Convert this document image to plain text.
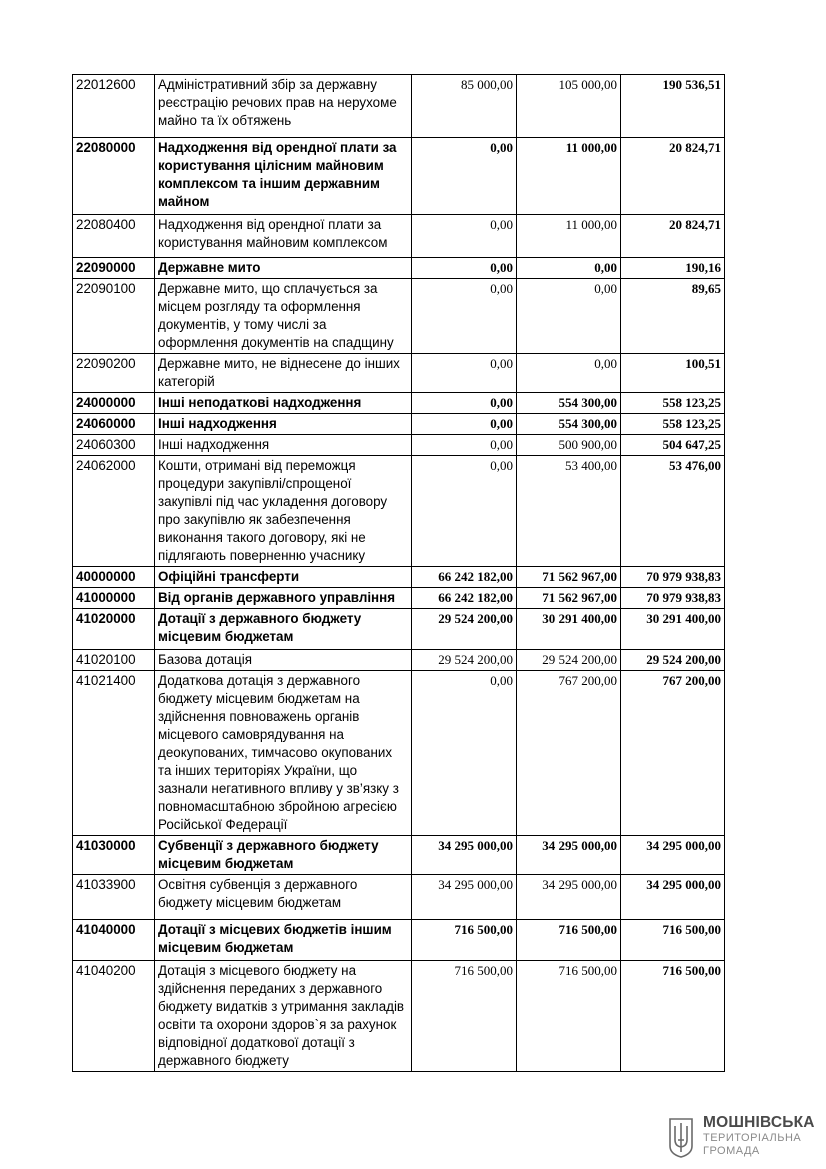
22012600	Адміністративний збір за державну реєстрацію речових прав на нерухоме майно та їх обтяжень	85 000,00	105 000,00	190 536,51
22080000	Надходження від орендної плати за користування цілісним майновим комплексом та іншим державним майном	0,00	11 000,00	20 824,71
22080400	Надходження від орендної плати за користування майновим комплексом	0,00	11 000,00	20 824,71
22090000	Державне мито	0,00	0,00	190,16
22090100	Державне мито, що сплачується за місцем розгляду та оформлення документів, у тому числі за оформлення документів на спадщину	0,00	0,00	89,65
22090200	Державне мито, не віднесене до інших категорій	0,00	0,00	100,51
24000000	Інші неподаткові надходження	0,00	554 300,00	558 123,25
24060000	Інші надходження	0,00	554 300,00	558 123,25
24060300	Інші надходження	0,00	500 900,00	504 647,25
24062000	Кошти, отримані від переможця процедури закупівлі/спрощеної закупівлі під час укладення договору про закупівлю як забезпечення виконання такого договору, які не підлягають поверненню учаснику	0,00	53 400,00	53 476,00
40000000	Офіційні трансферти	66 242 182,00	71 562 967,00	70 979 938,83
41000000	Від органів державного управління	66 242 182,00	71 562 967,00	70 979 938,83
41020000	Дотації з державного бюджету місцевим бюджетам	29 524 200,00	30 291 400,00	30 291 400,00
41020100	Базова дотація	29 524 200,00	29 524 200,00	29 524 200,00
41021400	Додаткова дотація з державного бюджету місцевим бюджетам на здійснення повноважень органів місцевого самоврядування на деокупованих, тимчасово окупованих та інших територіях України, що зазнали негативного впливу у зв’язку з повномасштабною збройною агресією Російської Федерації	0,00	767 200,00	767 200,00
41030000	Субвенції з державного бюджету місцевим бюджетам	34 295 000,00	34 295 000,00	34 295 000,00
41033900	Освітня субвенція з державного бюджету місцевим бюджетам	34 295 000,00	34 295 000,00	34 295 000,00
41040000	Дотації з місцевих бюджетів іншим місцевим бюджетам	716 500,00	716 500,00	716 500,00
41040200	Дотація з місцевого бюджету на здійснення переданих з державного бюджету видатків з утримання закладів освіти та охорони здоров`я за рахунок відповідної додаткової дотації з державного бюджету	716 500,00	716 500,00	716 500,00
МОШНІВСЬКА
ТЕРИТОРІАЛЬНА
ГРОМАДА
